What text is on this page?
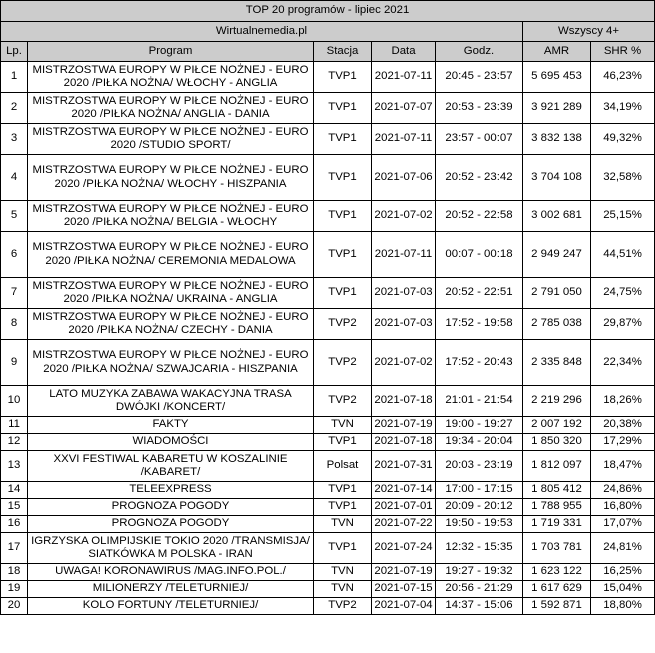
TOP 20 programów - lipiec 2021						
Wirtualnemedia.pl					Wszyscy 4+	
Lp.	Program	Stacja	Data	Godz.	AMR	SHR %
1	MISTRZOSTWA EUROPY W PIŁCE NOŻNEJ - EURO 2020 /PIŁKA NOŻNA/ WŁOCHY - ANGLIA	TVP1	2021-07-11	20:45 - 23:57	5 695 453	46,23%
2	MISTRZOSTWA EUROPY W PIŁCE NOŻNEJ - EURO 2020 /PIŁKA NOŻNA/ ANGLIA - DANIA	TVP1	2021-07-07	20:53 - 23:39	3 921 289	34,19%
3	MISTRZOSTWA EUROPY W PIŁCE NOŻNEJ - EURO 2020 /STUDIO SPORT/	TVP1	2021-07-11	23:57 - 00:07	3 832 138	49,32%
4	MISTRZOSTWA EUROPY W PIŁCE NOŻNEJ - EURO 2020 /PIŁKA NOŻNA/ WŁOCHY - HISZPANIA	TVP1	2021-07-06	20:52 - 23:42	3 704 108	32,58%
5	MISTRZOSTWA EUROPY W PIŁCE NOŻNEJ - EURO 2020 /PIŁKA NOŻNA/ BELGIA - WŁOCHY	TVP1	2021-07-02	20:52 - 22:58	3 002 681	25,15%
6	MISTRZOSTWA EUROPY W PIŁCE NOŻNEJ - EURO 2020 /PIŁKA NOŻNA/ CEREMONIA MEDALOWA	TVP1	2021-07-11	00:07 - 00:18	2 949 247	44,51%
7	MISTRZOSTWA EUROPY W PIŁCE NOŻNEJ - EURO 2020 /PIŁKA NOŻNA/ UKRAINA - ANGLIA	TVP1	2021-07-03	20:52 - 22:51	2 791 050	24,75%
8	MISTRZOSTWA EUROPY W PIŁCE NOŻNEJ - EURO 2020 /PIŁKA NOŻNA/ CZECHY - DANIA	TVP2	2021-07-03	17:52 - 19:58	2 785 038	29,87%
9	MISTRZOSTWA EUROPY W PIŁCE NOŻNEJ - EURO 2020 /PIŁKA NOŻNA/ SZWAJCARIA - HISZPANIA	TVP2	2021-07-02	17:52 - 20:43	2 335 848	22,34%
10	LATO MUZYKA ZABAWA WAKACYJNA TRASA DWÓJKI /KONCERT/	TVP2	2021-07-18	21:01 - 21:54	2 219 296	18,26%
11	FAKTY	TVN	2021-07-19	19:00 - 19:27	2 007 192	20,38%
12	WIADOMOŚCI	TVP1	2021-07-18	19:34 - 20:04	1 850 320	17,29%
13	XXVI FESTIWAL KABARETU W KOSZALINIE /KABARET/	Polsat	2021-07-31	20:03 - 23:19	1 812 097	18,47%
14	TELEEXPRESS	TVP1	2021-07-14	17:00 - 17:15	1 805 412	24,86%
15	PROGNOZA POGODY	TVP1	2021-07-01	20:09 - 20:12	1 788 955	16,80%
16	PROGNOZA POGODY	TVN	2021-07-22	19:50 - 19:53	1 719 331	17,07%
17	IGRZYSKA OLIMPIJSKIE TOKIO 2020 /TRANSMISJA/ SIATKÓWKA M POLSKA - IRAN	TVP1	2021-07-24	12:32 - 15:35	1 703 781	24,81%
18	UWAGA! KORONAWIRUS /MAG.INFO.POL./	TVN	2021-07-19	19:27 - 19:32	1 623 122	16,25%
19	MILIONERZY /TELETURNIEJ/	TVN	2021-07-15	20:56 - 21:29	1 617 629	15,04%
20	KOLO FORTUNY /TELETURNIEJ/	TVP2	2021-07-04	14:37 - 15:06	1 592 871	18,80%
